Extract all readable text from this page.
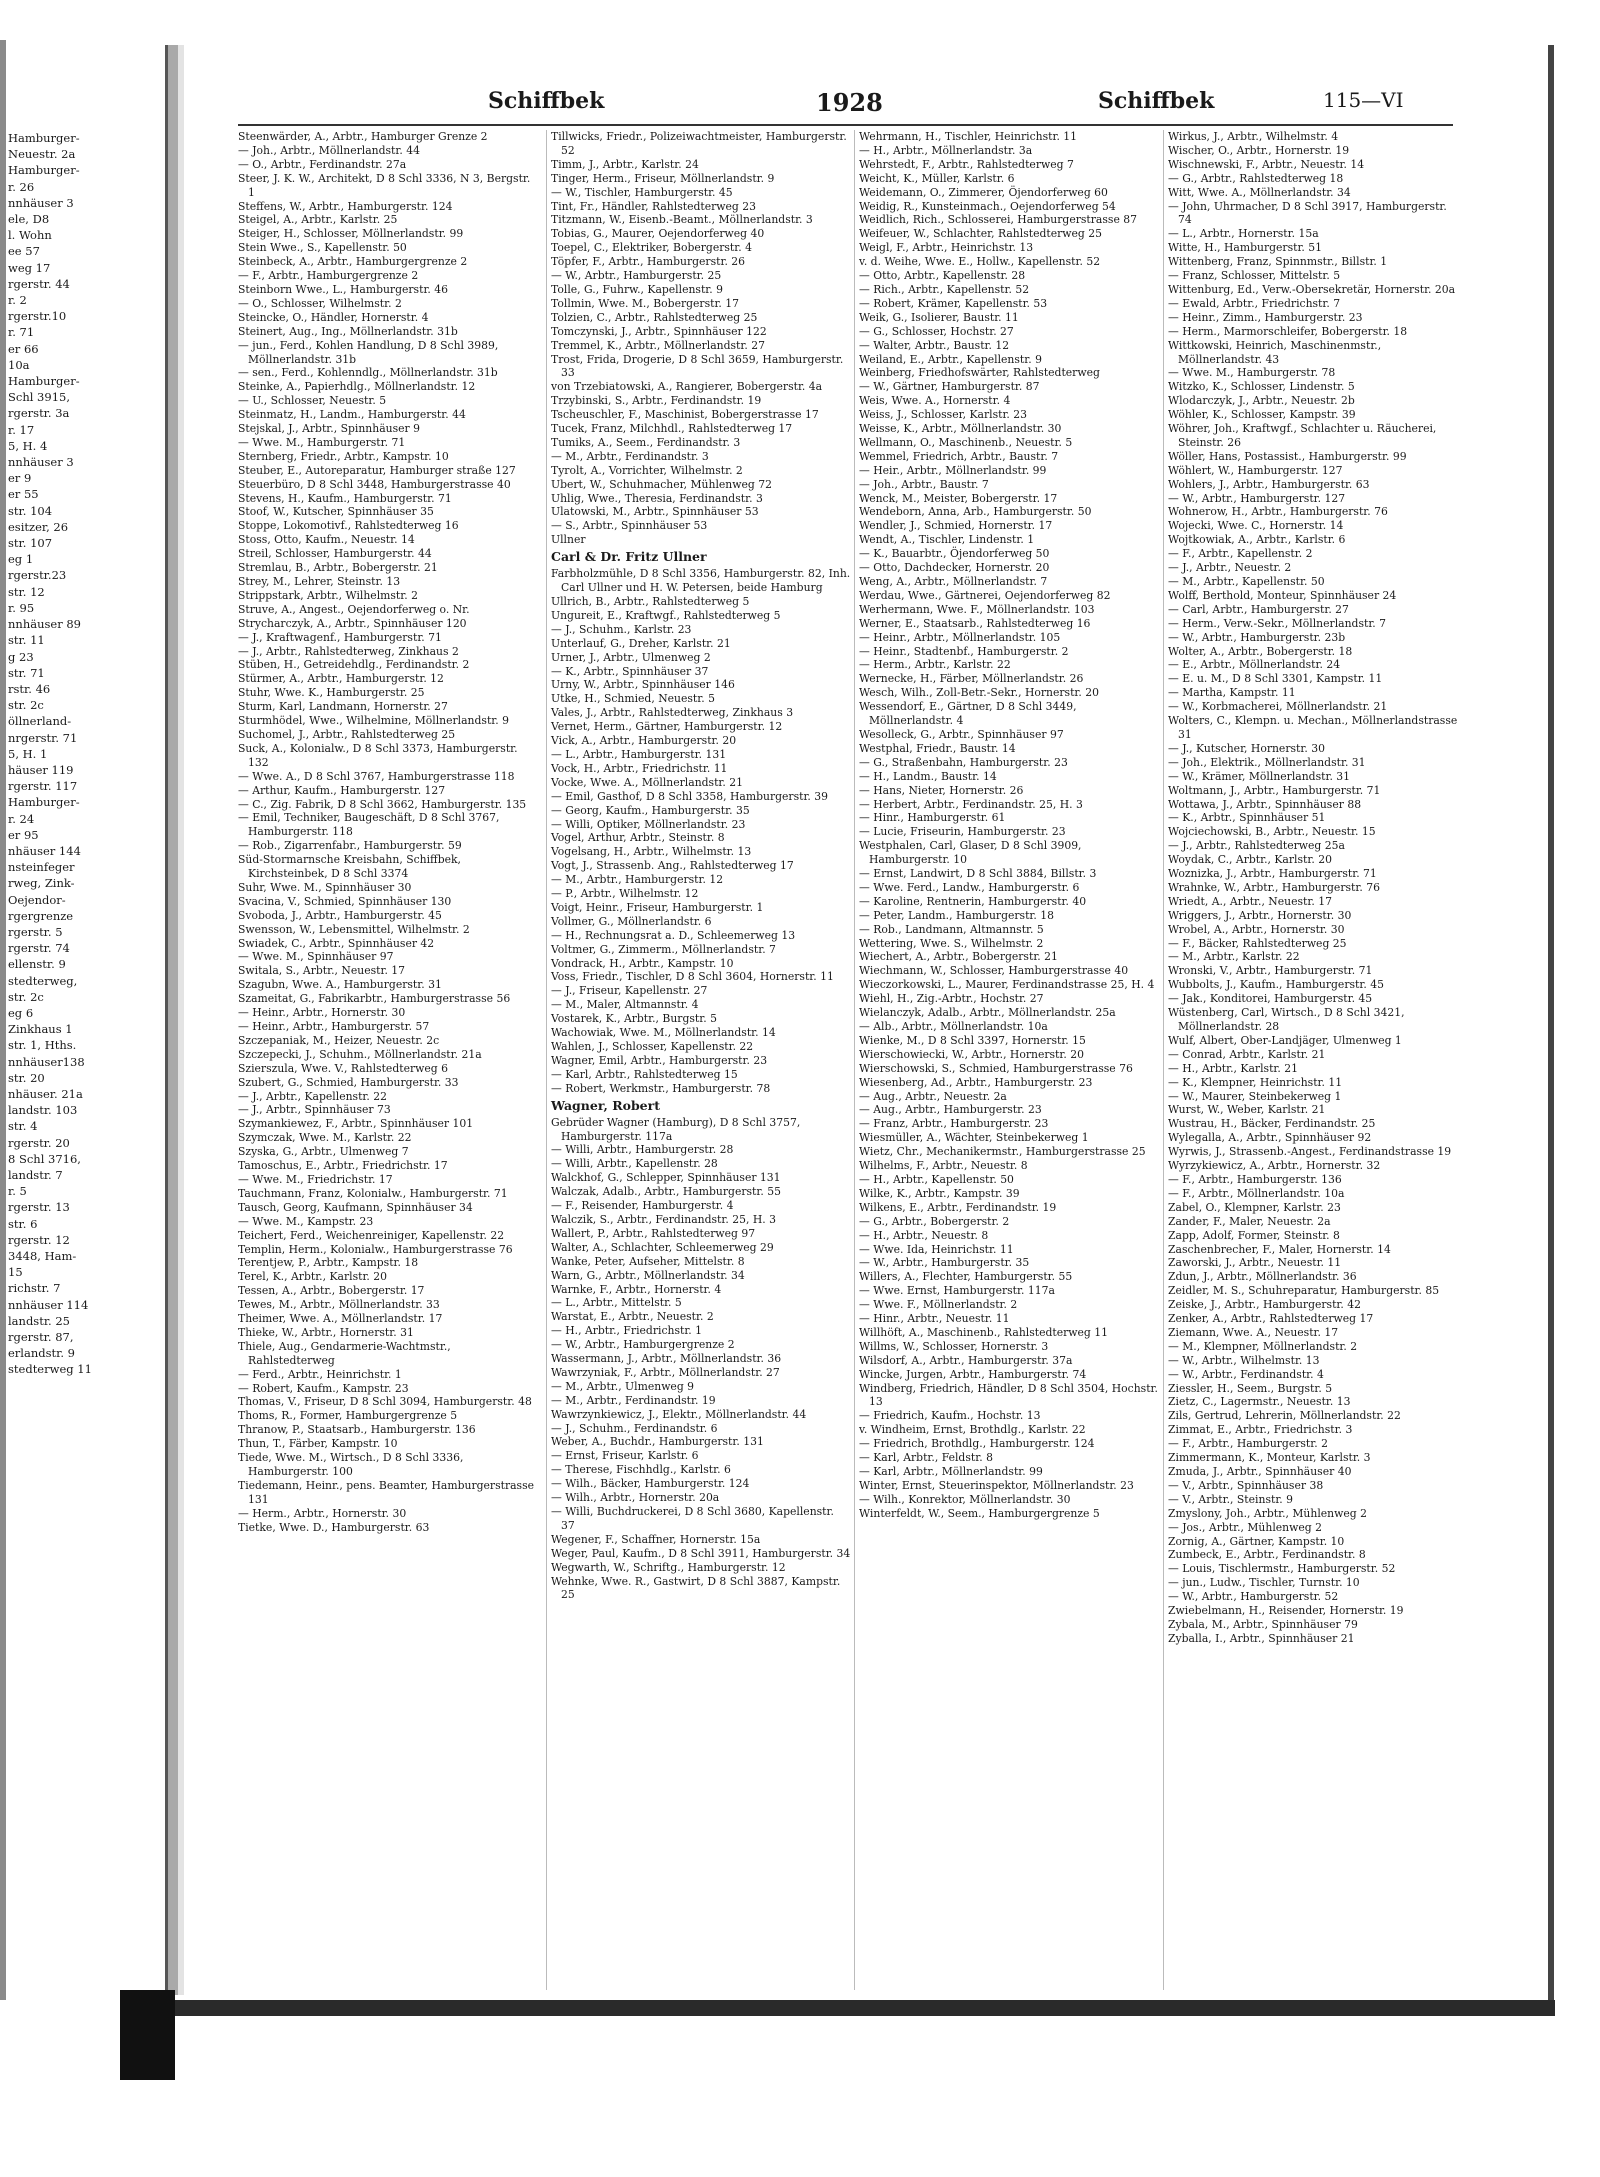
Hamburger-
Neuestr. 2a
Hamburger-
r. 26
nnhäuser 3
ele, D8
l. Wohn
ee 57
weg 17
rgerstr. 44
r. 2
rgerstr.10
r. 71
er 66
10a
Hamburger-
Schl 3915,
rgerstr. 3a
r. 17
5, H. 4
nnhäuser 3
er 9
er 55
str. 104
esitzer, 26
str. 107
eg 1
rgerstr.23
str. 12
r. 95
nnhäuser 89
str. 11
g 23
str. 71
rstr. 46
str. 2c
öllnerland-
nrgerstr. 71
5, H. 1
häuser 119
rgerstr. 117
Hamburger-
r. 24
er 95
nhäuser 144
nsteinfeger
rweg, Zink-
Oejendor-
rgergrenze
rgerstr. 5
rgerstr. 74
ellenstr. 9
stedterweg,
str. 2c
eg 6
Zinkhaus 1
str. 1, Hths.
nnhäuser138
str. 20
nhäuser. 21a
landstr. 103
str. 4
rgerstr. 20
8 Schl 3716,
landstr. 7
r. 5
rgerstr. 13
str. 6
rgerstr. 12
3448, Ham-
15
richstr. 7
nnhäuser 114
landstr. 25
rgerstr. 87,
erlandstr. 9
stedterweg 11
Schiffbek	1928	Schiffbek	115—VI
Steenwärder, A., Arbtr., Hamburger Grenze 2
— Joh., Arbtr., Möllnerlandstr. 44
— O., Arbtr., Ferdinandstr. 27a
Steer, J. K. W., Architekt, D 8 Schl 3336, N 3, Bergstr. 1
Steffens, W., Arbtr., Hamburgerstr. 124
Steigel, A., Arbtr., Karlstr. 25
Steiger, H., Schlosser, Möllnerlandstr. 99
Stein Wwe., S., Kapellenstr. 50
Steinbeck, A., Arbtr., Hamburgergrenze 2
— F., Arbtr., Hamburgergrenze 2
Steinborn Wwe., L., Hamburgerstr. 46
— O., Schlosser, Wilhelmstr. 2
Steincke, O., Händler, Hornerstr. 4
Steinert, Aug., Ing., Möllnerlandstr. 31b
— jun., Ferd., Kohlen Handlung, D 8 Schl 3989, Möllnerlandstr. 31b
— sen., Ferd., Kohlenndlg., Möllnerlandstr. 31b
Steinke, A., Papierhdlg., Möllnerlandstr. 12
— U., Schlosser, Neuestr. 5
Steinmatz, H., Landm., Hamburgerstr. 44
Stejskal, J., Arbtr., Spinnhäuser 9
— Wwe. M., Hamburgerstr. 71
Sternberg, Friedr., Arbtr., Kampstr. 10
Steuber, E., Autoreparatur, Hamburger straße 127
Steuerbüro, D 8 Schl 3448, Hamburgerstrasse 40
Stevens, H., Kaufm., Hamburgerstr. 71
Stoof, W., Kutscher, Spinnhäuser 35
Stoppe, Lokomotivf., Rahlstedterweg 16
Stoss, Otto, Kaufm., Neuestr. 14
Streil, Schlosser, Hamburgerstr. 44
Stremlau, B., Arbtr., Bobergerstr. 21
Strey, M., Lehrer, Steinstr. 13
Strippstark, Arbtr., Wilhelmstr. 2
Struve, A., Angest., Oejendorferweg o. Nr.
Strycharczyk, A., Arbtr., Spinnhäuser 120
— J., Kraftwagenf., Hamburgerstr. 71
— J., Arbtr., Rahlstedterweg, Zinkhaus 2
Stüben, H., Getreidehdlg., Ferdinandstr. 2
Stürmer, A., Arbtr., Hamburgerstr. 12
Stuhr, Wwe. K., Hamburgerstr. 25
Sturm, Karl, Landmann, Hornerstr. 27
Sturmhödel, Wwe., Wilhelmine, Möllnerlandstr. 9
Suchomel, J., Arbtr., Rahlstedterweg 25
Suck, A., Kolonialw., D 8 Schl 3373, Hamburgerstr. 132
— Wwe. A., D 8 Schl 3767, Hamburgerstrasse 118
— Arthur, Kaufm., Hamburgerstr. 127
— C., Zig. Fabrik, D 8 Schl 3662, Hamburgerstr. 135
— Emil, Techniker, Baugeschäft, D 8 Schl 3767, Hamburgerstr. 118
— Rob., Zigarrenfabr., Hamburgerstr. 59
Süd-Stormarnsche Kreisbahn, Schiffbek, Kirchsteinbek, D 8 Schl 3374
Suhr, Wwe. M., Spinnhäuser 30
Svacina, V., Schmied, Spinnhäuser 130
Svoboda, J., Arbtr., Hamburgerstr. 45
Swensson, W., Lebensmittel, Wilhelmstr. 2
Swiadek, C., Arbtr., Spinnhäuser 42
— Wwe. M., Spinnhäuser 97
Switala, S., Arbtr., Neuestr. 17
Szagubn, Wwe. A., Hamburgerstr. 31
Szameitat, G., Fabrikarbtr., Hamburgerstrasse 56
— Heinr., Arbtr., Hornerstr. 30
— Heinr., Arbtr., Hamburgerstr. 57
Szczepaniak, M., Heizer, Neuestr. 2c
Szczepecki, J., Schuhm., Möllnerlandstr. 21a
Szierszula, Wwe. V., Rahlstedterweg 6
Szubert, G., Schmied, Hamburgerstr. 33
— J., Arbtr., Kapellenstr. 22
— J., Arbtr., Spinnhäuser 73
Szymankiewez, F., Arbtr., Spinnhäuser 101
Szymczak, Wwe. M., Karlstr. 22
Szyska, G., Arbtr., Ulmenweg 7
Tamoschus, E., Arbtr., Friedrichstr. 17
— Wwe. M., Friedrichstr. 17
Tauchmann, Franz, Kolonialw., Hamburgerstr. 71
Tausch, Georg, Kaufmann, Spinnhäuser 34
— Wwe. M., Kampstr. 23
Teichert, Ferd., Weichenreiniger, Kapellenstr. 22
Templin, Herm., Kolonialw., Hamburgerstrasse 76
Terentjew, P., Arbtr., Kampstr. 18
Terel, K., Arbtr., Karlstr. 20
Tessen, A., Arbtr., Bobergerstr. 17
Tewes, M., Arbtr., Möllnerlandstr. 33
Theimer, Wwe. A., Möllnerlandstr. 17
Thieke, W., Arbtr., Hornerstr. 31
Thiele, Aug., Gendarmerie-Wachtmstr., Rahlstedterweg
— Ferd., Arbtr., Heinrichstr. 1
— Robert, Kaufm., Kampstr. 23
Thomas, V., Friseur, D 8 Schl 3094, Hamburgerstr. 48
Thoms, R., Former, Hamburgergrenze 5
Thranow, P., Staatsarb., Hamburgerstr. 136
Thun, T., Färber, Kampstr. 10
Tiede, Wwe. M., Wirtsch., D 8 Schl 3336, Hamburgerstr. 100
Tiedemann, Heinr., pens. Beamter, Hamburgerstrasse 131
— Herm., Arbtr., Hornerstr. 30
Tietke, Wwe. D., Hamburgerstr. 63
Tillwicks, Friedr., Polizeiwachtmeister, Hamburgerstr. 52
Timm, J., Arbtr., Karlstr. 24
Tinger, Herm., Friseur, Möllnerlandstr. 9
— W., Tischler, Hamburgerstr. 45
Tint, Fr., Händler, Rahlstedterweg 23
Titzmann, W., Eisenb.-Beamt., Möllnerlandstr. 3
Tobias, G., Maurer, Oejendorferweg 40
Toepel, C., Elektriker, Bobergerstr. 4
Töpfer, F., Arbtr., Hamburgerstr. 26
— W., Arbtr., Hamburgerstr. 25
Tolle, G., Fuhrw., Kapellenstr. 9
Tollmin, Wwe. M., Bobergerstr. 17
Tolzien, C., Arbtr., Rahlstedterweg 25
Tomczynski, J., Arbtr., Spinnhäuser 122
Tremmel, K., Arbtr., Möllnerlandstr. 27
Trost, Frida, Drogerie, D 8 Schl 3659, Hamburgerstr. 33
von Trzebiatowski, A., Rangierer, Bobergerstr. 4a
Trzybinski, S., Arbtr., Ferdinandstr. 19
Tscheuschler, F., Maschinist, Bobergerstrasse 17
Tucek, Franz, Milchhdl., Rahlstedterweg 17
Tumiks, A., Seem., Ferdinandstr. 3
— M., Arbtr., Ferdinandstr. 3
Tyrolt, A., Vorrichter, Wilhelmstr. 2
Ubert, W., Schuhmacher, Mühlenweg 72
Uhlig, Wwe., Theresia, Ferdinandstr. 3
Ulatowski, M., Arbtr., Spinnhäuser 53
— S., Arbtr., Spinnhäuser 53
Ullner
Carl & Dr. Fritz Ullner
Farbholzmühle, D 8 Schl 3356, Hamburgerstr. 82, Inh. Carl Ullner und H. W. Petersen, beide Hamburg
Ullrich, B., Arbtr., Rahlstedterweg 5
Ungureit, E., Kraftwgf., Rahlstedterweg 5
— J., Schuhm., Karlstr. 23
Unterlauf, G., Dreher, Karlstr. 21
Urner, J., Arbtr., Ulmenweg 2
— K., Arbtr., Spinnhäuser 37
Urny, W., Arbtr., Spinnhäuser 146
Utke, H., Schmied, Neuestr. 5
Vales, J., Arbtr., Rahlstedterweg, Zinkhaus 3
Vernet, Herm., Gärtner, Hamburgerstr. 12
Vick, A., Arbtr., Hamburgerstr. 20
— L., Arbtr., Hamburgerstr. 131
Vock, H., Arbtr., Friedrichstr. 11
Vocke, Wwe. A., Möllnerlandstr. 21
— Emil, Gasthof, D 8 Schl 3358, Hamburgerstr. 39
— Georg, Kaufm., Hamburgerstr. 35
— Willi, Optiker, Möllnerlandstr. 23
Vogel, Arthur, Arbtr., Steinstr. 8
Vogelsang, H., Arbtr., Wilhelmstr. 13
Vogt, J., Strassenb. Ang., Rahlstedterweg 17
— M., Arbtr., Hamburgerstr. 12
— P., Arbtr., Wilhelmstr. 12
Voigt, Heinr., Friseur, Hamburgerstr. 1
Vollmer, G., Möllnerlandstr. 6
— H., Rechnungsrat a. D., Schleemerweg 13
Voltmer, G., Zimmerm., Möllnerlandstr. 7
Vondrack, H., Arbtr., Kampstr. 10
Voss, Friedr., Tischler, D 8 Schl 3604, Hornerstr. 11
— J., Friseur, Kapellenstr. 27
— M., Maler, Altmannstr. 4
Vostarek, K., Arbtr., Burgstr. 5
Wachowiak, Wwe. M., Möllnerlandstr. 14
Wahlen, J., Schlosser, Kapellenstr. 22
Wagner, Emil, Arbtr., Hamburgerstr. 23
— Karl, Arbtr., Rahlstedterweg 15
— Robert, Werkmstr., Hamburgerstr. 78
Wagner, Robert
Gebrüder Wagner (Hamburg), D 8 Schl 3757, Hamburgerstr. 117a
— Willi, Arbtr., Hamburgerstr. 28
— Willi, Arbtr., Kapellenstr. 28
Walckhof, G., Schlepper, Spinnhäuser 131
Walczak, Adalb., Arbtr., Hamburgerstr. 55
— F., Reisender, Hamburgerstr. 4
Walczik, S., Arbtr., Ferdinandstr. 25, H. 3
Wallert, P., Arbtr., Rahlstedterweg 97
Walter, A., Schlachter, Schleemerweg 29
Wanke, Peter, Aufseher, Mittelstr. 8
Warn, G., Arbtr., Möllnerlandstr. 34
Warnke, F., Arbtr., Hornerstr. 4
— L., Arbtr., Mittelstr. 5
Warstat, E., Arbtr., Neuestr. 2
— H., Arbtr., Friedrichstr. 1
— W., Arbtr., Hamburgergrenze 2
Wassermann, J., Arbtr., Möllnerlandstr. 36
Wawrzyniak, F., Arbtr., Möllnerlandstr. 27
— M., Arbtr., Ulmenweg 9
— M., Arbtr., Ferdinandstr. 19
Wawrzynkiewicz, J., Elektr., Möllnerlandstr. 44
— J., Schuhm., Ferdinandstr. 6
Weber, A., Buchdr., Hamburgerstr. 131
— Ernst, Friseur, Karlstr. 6
— Therese, Fischhdlg., Karlstr. 6
— Wilh., Bäcker, Hamburgerstr. 124
— Wilh., Arbtr., Hornerstr. 20a
— Willi, Buchdruckerei, D 8 Schl 3680, Kapellenstr. 37
Wegener, F., Schaffner, Hornerstr. 15a
Weger, Paul, Kaufm., D 8 Schl 3911, Hamburgerstr. 34
Wegwarth, W., Schriftg., Hamburgerstr. 12
Wehnke, Wwe. R., Gastwirt, D 8 Schl 3887, Kampstr. 25
Wehrmann, H., Tischler, Heinrichstr. 11
— H., Arbtr., Möllnerlandstr. 3a
Wehrstedt, F., Arbtr., Rahlstedterweg 7
Weicht, K., Müller, Karlstr. 6
Weidemann, O., Zimmerer, Öjendorferweg 60
Weidig, R., Kunsteinmach., Oejendorferweg 54
Weidlich, Rich., Schlosserei, Hamburgerstrasse 87
Weifeuer, W., Schlachter, Rahlstedterweg 25
Weigl, F., Arbtr., Heinrichstr. 13
v. d. Weihe, Wwe. E., Hollw., Kapellenstr. 52
— Otto, Arbtr., Kapellenstr. 28
— Rich., Arbtr., Kapellenstr. 52
— Robert, Krämer, Kapellenstr. 53
Weik, G., Isolierer, Baustr. 11
— G., Schlosser, Hochstr. 27
— Walter, Arbtr., Baustr. 12
Weiland, E., Arbtr., Kapellenstr. 9
Weinberg, Friedhofswärter, Rahlstedterweg
— W., Gärtner, Hamburgerstr. 87
Weis, Wwe. A., Hornerstr. 4
Weiss, J., Schlosser, Karlstr. 23
Weisse, K., Arbtr., Möllnerlandstr. 30
Wellmann, O., Maschinenb., Neuestr. 5
Wemmel, Friedrich, Arbtr., Baustr. 7
— Heir., Arbtr., Möllnerlandstr. 99
— Joh., Arbtr., Baustr. 7
Wenck, M., Meister, Bobergerstr. 17
Wendeborn, Anna, Arb., Hamburgerstr. 50
Wendler, J., Schmied, Hornerstr. 17
Wendt, A., Tischler, Lindenstr. 1
— K., Bauarbtr., Öjendorferweg 50
— Otto, Dachdecker, Hornerstr. 20
Weng, A., Arbtr., Möllnerlandstr. 7
Werdau, Wwe., Gärtnerei, Oejendorferweg 82
Werhermann, Wwe. F., Möllnerlandstr. 103
Werner, E., Staatsarb., Rahlstedterweg 16
— Heinr., Arbtr., Möllnerlandstr. 105
— Heinr., Stadtenbf., Hamburgerstr. 2
— Herm., Arbtr., Karlstr. 22
Wernecke, H., Färber, Möllnerlandstr. 26
Wesch, Wilh., Zoll-Betr.-Sekr., Hornerstr. 20
Wessendorf, E., Gärtner, D 8 Schl 3449, Möllnerlandstr. 4
Wesolleck, G., Arbtr., Spinnhäuser 97
Westphal, Friedr., Baustr. 14
— G., Straßenbahn, Hamburgerstr. 23
— H., Landm., Baustr. 14
— Hans, Nieter, Hornerstr. 26
— Herbert, Arbtr., Ferdinandstr. 25, H. 3
— Hinr., Hamburgerstr. 61
— Lucie, Friseurin, Hamburgerstr. 23
Westphalen, Carl, Glaser, D 8 Schl 3909, Hamburgerstr. 10
— Ernst, Landwirt, D 8 Schl 3884, Billstr. 3
— Wwe. Ferd., Landw., Hamburgerstr. 6
— Karoline, Rentnerin, Hamburgerstr. 40
— Peter, Landm., Hamburgerstr. 18
— Rob., Landmann, Altmannstr. 5
Wettering, Wwe. S., Wilhelmstr. 2
Wiechert, A., Arbtr., Bobergerstr. 21
Wiechmann, W., Schlosser, Hamburgerstrasse 40
Wieczorkowski, L., Maurer, Ferdinandstrasse 25, H. 4
Wiehl, H., Zig.-Arbtr., Hochstr. 27
Wielanczyk, Adalb., Arbtr., Möllnerlandstr. 25a
— Alb., Arbtr., Möllnerlandstr. 10a
Wienke, M., D 8 Schl 3397, Hornerstr. 15
Wierschowiecki, W., Arbtr., Hornerstr. 20
Wierschowski, S., Schmied, Hamburgerstrasse 76
Wiesenberg, Ad., Arbtr., Hamburgerstr. 23
— Aug., Arbtr., Neuestr. 2a
— Aug., Arbtr., Hamburgerstr. 23
— Franz, Arbtr., Hamburgerstr. 23
Wiesmüller, A., Wächter, Steinbekerweg 1
Wietz, Chr., Mechanikermstr., Hamburgerstrasse 25
Wilhelms, F., Arbtr., Neuestr. 8
— H., Arbtr., Kapellenstr. 50
Wilke, K., Arbtr., Kampstr. 39
Wilkens, E., Arbtr., Ferdinandstr. 19
— G., Arbtr., Bobergerstr. 2
— H., Arbtr., Neuestr. 8
— Wwe. Ida, Heinrichstr. 11
— W., Arbtr., Hamburgerstr. 35
Willers, A., Flechter, Hamburgerstr. 55
— Wwe. Ernst, Hamburgerstr. 117a
— Wwe. F., Möllnerlandstr. 2
— Hinr., Arbtr., Neuestr. 11
Willhöft, A., Maschinenb., Rahlstedterweg 11
Willms, W., Schlosser, Hornerstr. 3
Wilsdorf, A., Arbtr., Hamburgerstr. 37a
Wincke, Jurgen, Arbtr., Hamburgerstr. 74
Windberg, Friedrich, Händler, D 8 Schl 3504, Hochstr. 13
— Friedrich, Kaufm., Hochstr. 13
v. Windheim, Ernst, Brothdlg., Karlstr. 22
— Friedrich, Brothdlg., Hamburgerstr. 124
— Karl, Arbtr., Feldstr. 8
— Karl, Arbtr., Möllnerlandstr. 99
Winter, Ernst, Steuerinspektor, Möllnerlandstr. 23
— Wilh., Konrektor, Möllnerlandstr. 30
Winterfeldt, W., Seem., Hamburgergrenze 5
Wirkus, J., Arbtr., Wilhelmstr. 4
Wischer, O., Arbtr., Hornerstr. 19
Wischnewski, F., Arbtr., Neuestr. 14
— G., Arbtr., Rahlstedterweg 18
Witt, Wwe. A., Möllnerlandstr. 34
— John, Uhrmacher, D 8 Schl 3917, Hamburgerstr. 74
— L., Arbtr., Hornerstr. 15a
Witte, H., Hamburgerstr. 51
Wittenberg, Franz, Spinnmstr., Billstr. 1
— Franz, Schlosser, Mittelstr. 5
Wittenburg, Ed., Verw.-Obersekretär, Hornerstr. 20a
— Ewald, Arbtr., Friedrichstr. 7
— Heinr., Zimm., Hamburgerstr. 23
— Herm., Marmorschleifer, Bobergerstr. 18
Wittkowski, Heinrich, Maschinenmstr., Möllnerlandstr. 43
— Wwe. M., Hamburgerstr. 78
Witzko, K., Schlosser, Lindenstr. 5
Wlodarczyk, J., Arbtr., Neuestr. 2b
Wöhler, K., Schlosser, Kampstr. 39
Wöhrer, Joh., Kraftwgf., Schlachter u. Räucherei, Steinstr. 26
Wöller, Hans, Postassist., Hamburgerstr. 99
Wöhlert, W., Hamburgerstr. 127
Wohlers, J., Arbtr., Hamburgerstr. 63
— W., Arbtr., Hamburgerstr. 127
Wohnerow, H., Arbtr., Hamburgerstr. 76
Wojecki, Wwe. C., Hornerstr. 14
Wojtkowiak, A., Arbtr., Karlstr. 6
— F., Arbtr., Kapellenstr. 2
— J., Arbtr., Neuestr. 2
— M., Arbtr., Kapellenstr. 50
Wolff, Berthold, Monteur, Spinnhäuser 24
— Carl, Arbtr., Hamburgerstr. 27
— Herm., Verw.-Sekr., Möllnerlandstr. 7
— W., Arbtr., Hamburgerstr. 23b
Wolter, A., Arbtr., Bobergerstr. 18
— E., Arbtr., Möllnerlandstr. 24
— E. u. M., D 8 Schl 3301, Kampstr. 11
— Martha, Kampstr. 11
— W., Korbmacherei, Möllnerlandstr. 21
Wolters, C., Klempn. u. Mechan., Möllnerlandstrasse 31
— J., Kutscher, Hornerstr. 30
— Joh., Elektrik., Möllnerlandstr. 31
— W., Krämer, Möllnerlandstr. 31
Woltmann, J., Arbtr., Hamburgerstr. 71
Wottawa, J., Arbtr., Spinnhäuser 88
— K., Arbtr., Spinnhäuser 51
Wojciechowski, B., Arbtr., Neuestr. 15
— J., Arbtr., Rahlstedterweg 25a
Woydak, C., Arbtr., Karlstr. 20
Woznizka, J., Arbtr., Hamburgerstr. 71
Wrahnke, W., Arbtr., Hamburgerstr. 76
Wriedt, A., Arbtr., Neuestr. 17
Wriggers, J., Arbtr., Hornerstr. 30
Wrobel, A., Arbtr., Hornerstr. 30
— F., Bäcker, Rahlstedterweg 25
— M., Arbtr., Karlstr. 22
Wronski, V., Arbtr., Hamburgerstr. 71
Wubbolts, J., Kaufm., Hamburgerstr. 45
— Jak., Konditorei, Hamburgerstr. 45
Wüstenberg, Carl, Wirtsch., D 8 Schl 3421, Möllnerlandstr. 28
Wulf, Albert, Ober-Landjäger, Ulmenweg 1
— Conrad, Arbtr., Karlstr. 21
— H., Arbtr., Karlstr. 21
— K., Klempner, Heinrichstr. 11
— W., Maurer, Steinbekerweg 1
Wurst, W., Weber, Karlstr. 21
Wustrau, H., Bäcker, Ferdinandstr. 25
Wylegalla, A., Arbtr., Spinnhäuser 92
Wyrwis, J., Strassenb.-Angest., Ferdinandstrasse 19
Wyrzykiewicz, A., Arbtr., Hornerstr. 32
— F., Arbtr., Hamburgerstr. 136
— F., Arbtr., Möllnerlandstr. 10a
Zabel, O., Klempner, Karlstr. 23
Zander, F., Maler, Neuestr. 2a
Zapp, Adolf, Former, Steinstr. 8
Zaschenbrecher, F., Maler, Hornerstr. 14
Zaworski, J., Arbtr., Neuestr. 11
Zdun, J., Arbtr., Möllnerlandstr. 36
Zeidler, M. S., Schuhreparatur, Hamburgerstr. 85
Zeiske, J., Arbtr., Hamburgerstr. 42
Zenker, A., Arbtr., Rahlstedterweg 17
Ziemann, Wwe. A., Neuestr. 17
— M., Klempner, Möllnerlandstr. 2
— W., Arbtr., Wilhelmstr. 13
— W., Arbtr., Ferdinandstr. 4
Ziessler, H., Seem., Burgstr. 5
Zietz, C., Lagermstr., Neuestr. 13
Zils, Gertrud, Lehrerin, Möllnerlandstr. 22
Zimmat, E., Arbtr., Friedrichstr. 3
— F., Arbtr., Hamburgerstr. 2
Zimmermann, K., Monteur, Karlstr. 3
Zmuda, J., Arbtr., Spinnhäuser 40
— V., Arbtr., Spinnhäuser 38
— V., Arbtr., Steinstr. 9
Zmyslony, Joh., Arbtr., Mühlenweg 2
— Jos., Arbtr., Mühlenweg 2
Zornig, A., Gärtner, Kampstr. 10
Zumbeck, E., Arbtr., Ferdinandstr. 8
— Louis, Tischlermstr., Hamburgerstr. 52
— jun., Ludw., Tischler, Turnstr. 10
— W., Arbtr., Hamburgerstr. 52
Zwiebelmann, H., Reisender, Hornerstr. 19
Zybala, M., Arbtr., Spinnhäuser 79
Zyballa, I., Arbtr., Spinnhäuser 21
